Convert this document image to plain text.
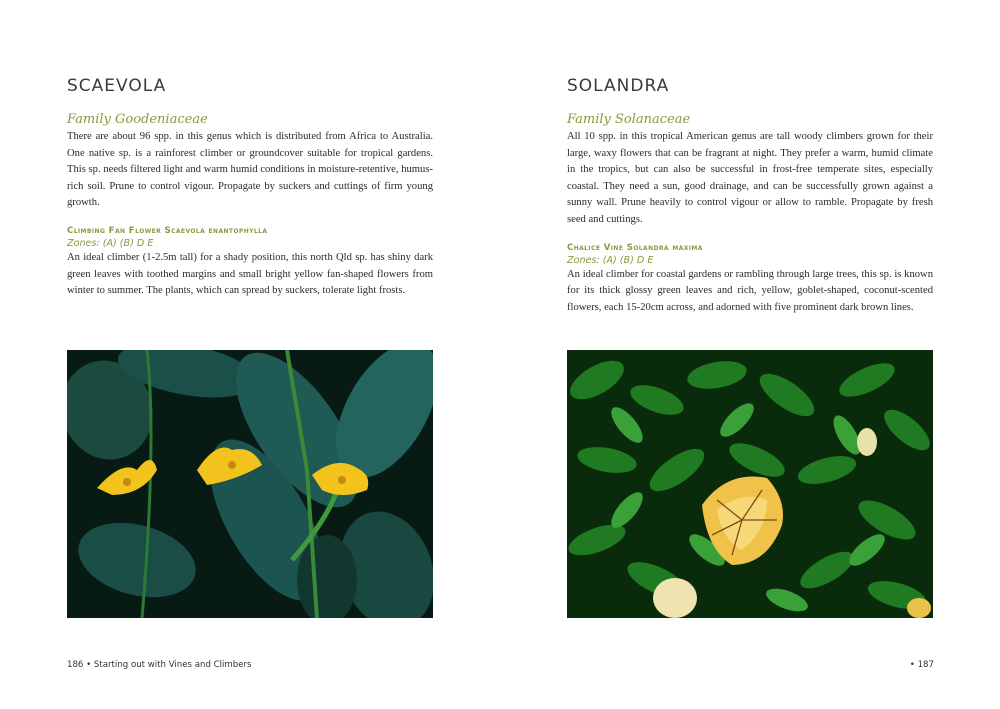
SCAEVOLA
Family Goodeniaceae

There are about 96 spp. in this genus which is distributed from Africa to Australia. One native sp. is a rainforest climber or groundcover suitable for tropical gardens. This sp. needs filtered light and warm humid conditions in moisture-retentive, humus-rich soil. Prune to control vigour. Propagate by suckers and cuttings of firm young growth.

Climbing Fan Flower Scaevola enantophylla
Zones: (A) (B) D E

An ideal climber (1-2.5m tall) for a shady position, this north Qld sp. has shiny dark green leaves with toothed margins and small bright yellow fan-shaped flowers from winter to summer. The plants, which can spread by suckers, tolerate light frosts.

186 • Starting out with Vines and Climbers
SOLANDRA
Family Solanaceae

All 10 spp. in this tropical American genus are tall woody climbers grown for their large, waxy flowers that can be fragrant at night. They prefer a warm, humid climate in the tropics, but can also be successful in frost-free temperate sites, especially coastal. They need a sun, good drainage, and can be successfully grown against a sunny wall. Prune heavily to control vigour or allow to ramble. Propagate by fresh seed and cuttings.

Chalice Vine Solandra maxima
Zones: (A) (B) D E

An ideal climber for coastal gardens or rambling through large trees, this sp. is known for its thick glossy green leaves and rich, yellow, goblet-shaped, coconut-scented flowers, each 15-20cm across, and adorned with five prominent dark brown lines.

• 187
